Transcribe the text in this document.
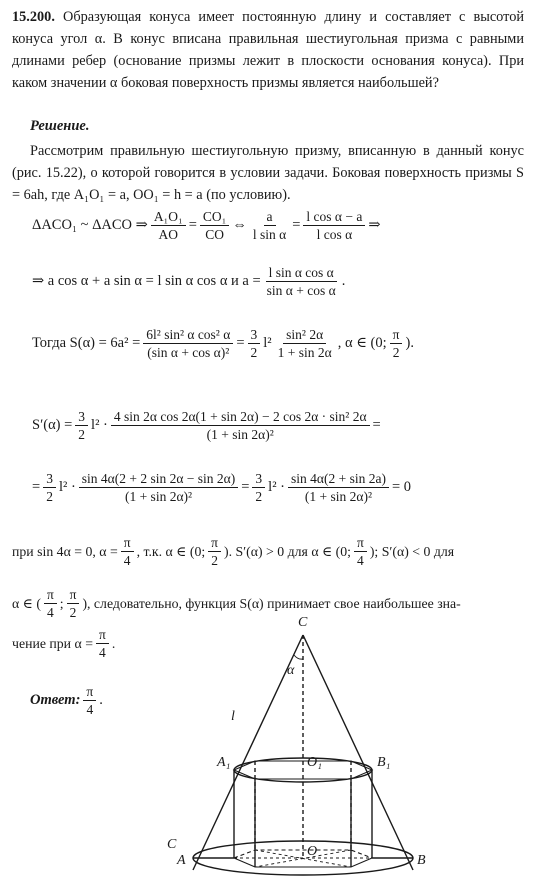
15.200. Образующая конуса имеет постоянную длину и составляет с высотой конуса угол α. В конус вписана правильная шестиугольная призма с равными длинами ребер (основание призмы лежит в плоскости основания конуса). При каком значении α боковая поверхность призмы является наибольшей?
Решение.
Рассмотрим правильную шестиугольную призму, вписанную в данный конус (рис. 15.22), о которой говорится в условии задачи. Боковая поверхность призмы S = 6ah, где A₁O₁ = a, OO₁ = h = a (по условию).
ΔACO₁ ~ ΔACO ⇒ $\frac{\text{A₁O₁}}{AO} = \frac{\text{CO₁}}{CO}$ ⇔ $\frac{a}{\text{l sin α}} = \frac{\text{l cos α − a}}{\text{l cos α}}$ ⇒
⇒ a cos α + a sin α = l sin α cos α и $a = \frac{\text{l sin α cos α}}{\text{sin α + cos α}}$ .
Тогда $S(\alpha) = 6a^2 = \frac{\text{6l² sin² α cos² α}}{\text{(sin α + cos α)²}} = \frac{3}{2} l^2 \frac{\text{sin² 2α}}{1 + \sin 2\alpha}$ , α ∈ (0; $\frac{\pi}{2}$ ).
$S'(\alpha) = \frac{3}{2} l^2 \cdot \frac{\text{4 sin 2α cos 2α(1 + sin 2α) − 2 cos 2α · sin² 2α}}{\text{(1 + sin 2α)²}}$ =
= $\frac{3}{2} l^2 \cdot \frac{\sin 4\alpha(2 + 2 \sin 2\alpha - \sin 2\alpha)}{\text{(1 + sin 2α)²}} = \frac{3}{2} l^2 \cdot \frac{\sin 4\alpha(2 + \sin 2a)}{\text{(1 + sin 2α)²}} = 0$
при sin 4α = 0, $\alpha = \frac{\pi}{4}$ , т.к. α ∈ (0; $\frac{\pi}{2}$ ). S′(α) > 0 для α ∈ (0; $\frac{\pi}{4}$ ); S′(α) < 0 для
α ∈ ( $\frac{\pi}{4}$ ; $\frac{\pi}{2}$ ), следовательно, функция S(α) принимает свое наибольшее зна-
чение при $\alpha = \frac{\pi}{4}$ .
Ответ: $\frac{\pi}{4}$ .
C
α
l
A₁	O₁	B₁
C
A
O
B
